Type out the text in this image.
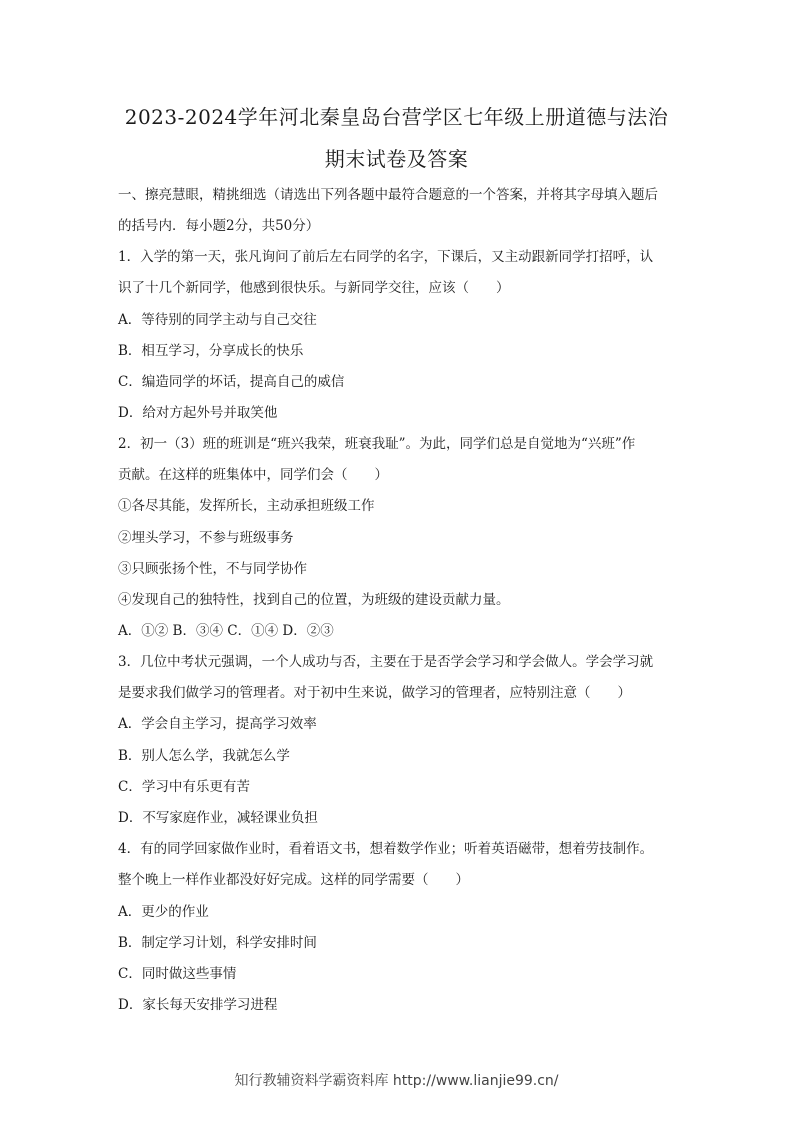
2023-2024学年河北秦皇岛台营学区七年级上册道德与法治
期末试卷及答案
一、擦亮慧眼，精挑细选（请选出下列各题中最符合题意的一个答案，并将其字母填入题后
的括号内．每小题2分，共50分）
1．入学的第一天，张凡询问了前后左右同学的名字，下课后，又主动跟新同学打招呼，认
识了十几个新同学，他感到很快乐。与新同学交往，应该（　　）
A．等待别的同学主动与自己交往
B．相互学习，分享成长的快乐
C．编造同学的坏话，提高自己的威信
D．给对方起外号并取笑他
2．初一（3）班的班训是“班兴我荣，班衰我耻”。为此，同学们总是自觉地为“兴班”作
贡献。在这样的班集体中，同学们会（　　）
①各尽其能，发挥所长，主动承担班级工作
②埋头学习，不参与班级事务
③只顾张扬个性，不与同学协作
④发现自己的独特性，找到自己的位置，为班级的建设贡献力量。
A．①② B．③④ C．①④ D．②③
3．几位中考状元强调，一个人成功与否，主要在于是否学会学习和学会做人。学会学习就
是要求我们做学习的管理者。对于初中生来说，做学习的管理者，应特别注意（　　）
A．学会自主学习，提高学习效率
B．别人怎么学，我就怎么学
C．学习中有乐更有苦
D．不写家庭作业，减轻课业负担
4．有的同学回家做作业时，看着语文书，想着数学作业；听着英语磁带，想着劳技制作。
整个晚上一样作业都没好好完成。这样的同学需要（　　）
A．更少的作业
B．制定学习计划，科学安排时间
C．同时做这些事情
D．家长每天安排学习进程
知行教辅资料学霸资料库 http://www.lianjie99.cn/
